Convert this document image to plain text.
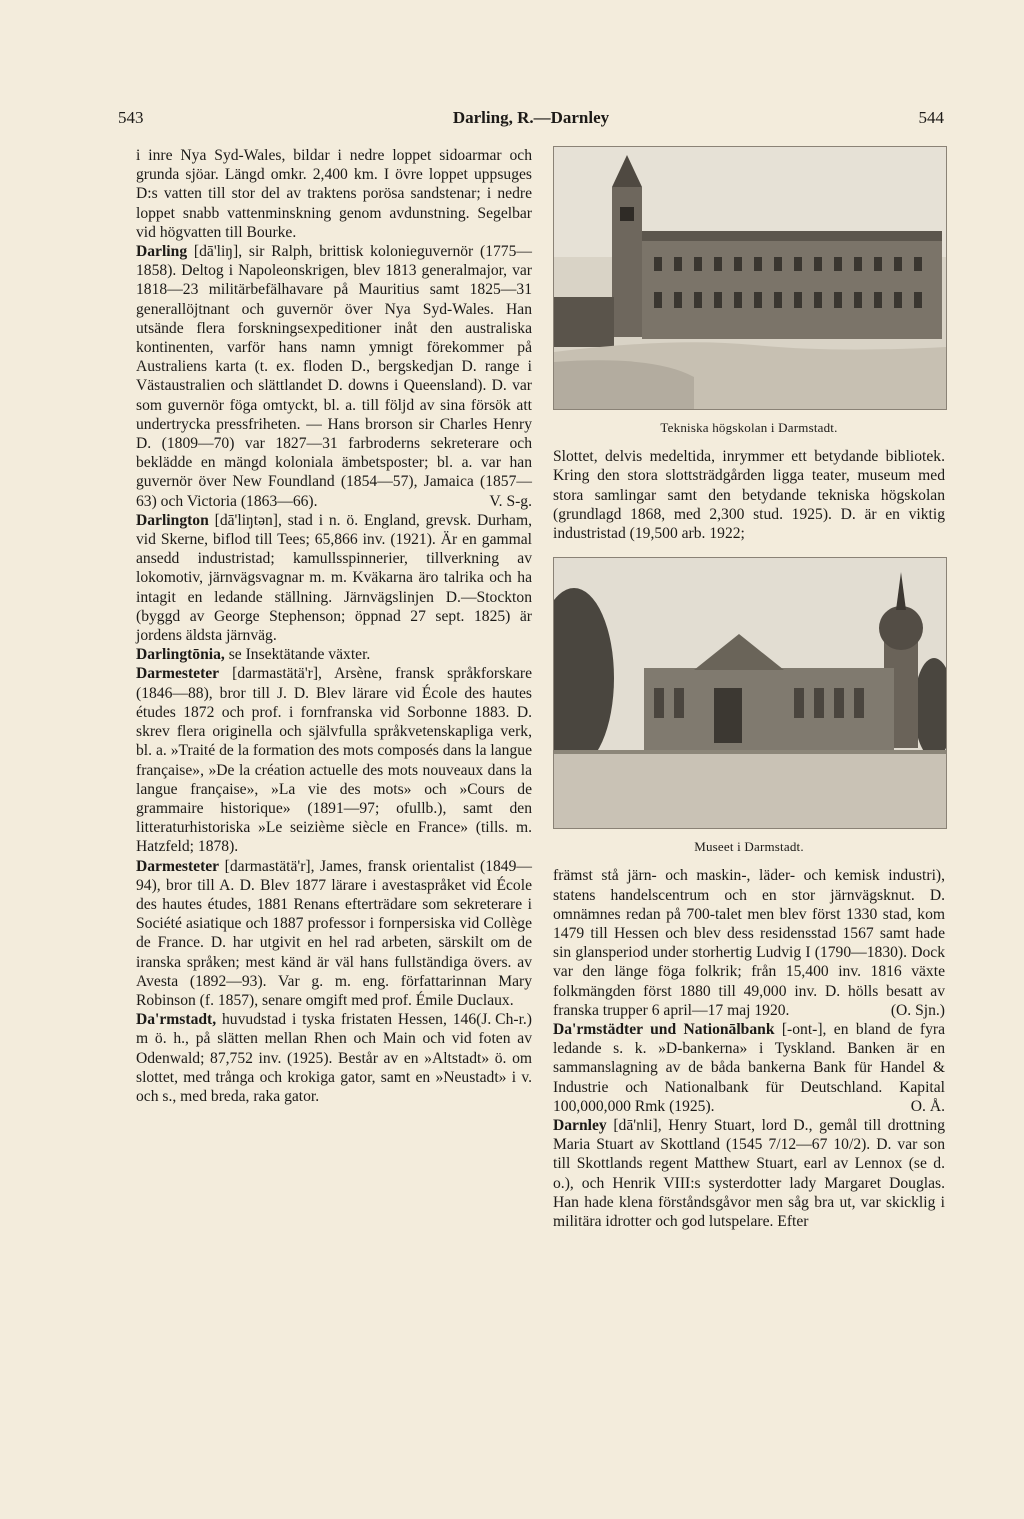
543	Darling, R.—Darnley	544

i inre Nya Syd-Wales, bildar i nedre loppet sidoarmar och grunda sjöar. Längd omkr. 2,400 km. I övre loppet uppsuges D:s vatten till stor del av traktens porösa sandstenar; i nedre loppet snabb vattenminskning genom avdunstning. Segelbar vid högvatten till Bourke.

Darling [dā'liŋ], sir Ralph, brittisk kolonieguvernör (1775—1858). Deltog i Napoleonskrigen, blev 1813 generalmajor, var 1818—23 militärbefälhavare på Mauritius samt 1825—31 generallöjtnant och guvernör över Nya Syd-Wales. Han utsände flera forskningsexpeditioner inåt den australiska kontinenten, varför hans namn ymnigt förekommer på Australiens karta (t. ex. floden D., bergskedjan D. range i Västaustralien och slättlandet D. downs i Queensland). D. var som guvernör föga omtyckt, bl. a. till följd av sina försök att undertrycka pressfriheten. — Hans brorson sir Charles Henry D. (1809—70) var 1827—31 farbroderns sekreterare och beklädde en mängd koloniala ämbetsposter; bl. a. var han guvernör över New Foundland (1854—57), Jamaica (1857—63) och Victoria (1863—66).	V. S-g.

Darlington [dā'liŋtən], stad i n. ö. England, grevsk. Durham, vid Skerne, biflod till Tees; 65,866 inv. (1921). Är en gammal ansedd industristad; kamullsspinnerier, tillverkning av lokomotiv, järnvägsvagnar m. m. Kväkarna äro talrika och ha intagit en ledande ställning. Järnvägslinjen D.—Stockton (byggd av George Stephenson; öppnad 27 sept. 1825) är jordens äldsta järnväg.

Darlingtōnia, se Insektätande växter.

Darmesteter [darmastätä'r], Arsène, fransk språkforskare (1846—88), bror till J. D. Blev lärare vid École des hautes études 1872 och prof. i fornfranska vid Sorbonne 1883. D. skrev flera originella och självfulla språkvetenskapliga verk, bl. a. »Traité de la formation des mots composés dans la langue française», »De la création actuelle des mots nouveaux dans la langue française», »La vie des mots» och »Cours de grammaire historique» (1891—97; ofullb.), samt den litteraturhistoriska »Le seizième siècle en France» (tills. m. Hatzfeld; 1878).

Darmesteter [darmastätä'r], James, fransk orientalist (1849—94), bror till A. D. Blev 1877 lärare i avestaspråket vid École des hautes études, 1881 Renans efterträdare som sekreterare i Société asiatique och 1887 professor i fornpersiska vid Collège de France. D. har utgivit en hel rad arbeten, särskilt om de iranska språken; mest känd är väl hans fullständiga övers. av Avesta (1892—93). Var g. m. eng. författarinnan Mary Robinson (f. 1857), senare omgift med prof. Émile Duclaux.
(J. Ch-r.)

Da'rmstadt, huvudstad i tyska fristaten Hessen, 146 m ö. h., på slätten mellan Rhen och Main och vid foten av Odenwald; 87,752 inv. (1925). Består av en »Altstadt» ö. om slottet, med trånga och krokiga gator, samt en »Neustadt» i v. och s., med breda, raka gator.

Tekniska högskolan i Darmstadt.

Slottet, delvis medeltida, inrymmer ett betydande bibliotek. Kring den stora slottsträdgården ligga teater, museum med stora samlingar samt den betydande tekniska högskolan (grundlagd 1868, med 2,300 stud. 1925). D. är en viktig industristad (19,500 arb. 1922;

Museet i Darmstadt.

främst stå järn- och maskin-, läder- och kemisk industri), statens handelscentrum och en stor järnvägsknut. D. omnämnes redan på 700-talet men blev först 1330 stad, kom 1479 till Hessen och blev dess residensstad 1567 samt hade sin glansperiod under storhertig Ludvig I (1790—1830). Dock var den länge föga folkrik; från 15,400 inv. 1816 växte folkmängden först 1880 till 49,000 inv. D. hölls besatt av franska trupper 6 april—17 maj 1920.	(O. Sjn.)

Da'rmstädter und Nationālbank [-ont-], en bland de fyra ledande s. k. »D-bankerna» i Tyskland. Banken är en sammanslagning av de båda bankerna Bank für Handel & Industrie och Nationalbank für Deutschland. Kapital 100,000,000 Rmk (1925).	O. Å.

Darnley [dā'nli], Henry Stuart, lord D., gemål till drottning Maria Stuart av Skottland (1545 7/12—67 10/2). D. var son till Skottlands regent Matthew Stuart, earl av Lennox (se d. o.), och Henrik VIII:s systerdotter lady Margaret Douglas. Han hade klena förståndsgåvor men såg bra ut, var skicklig i militära idrotter och god lutspelare. Efter
